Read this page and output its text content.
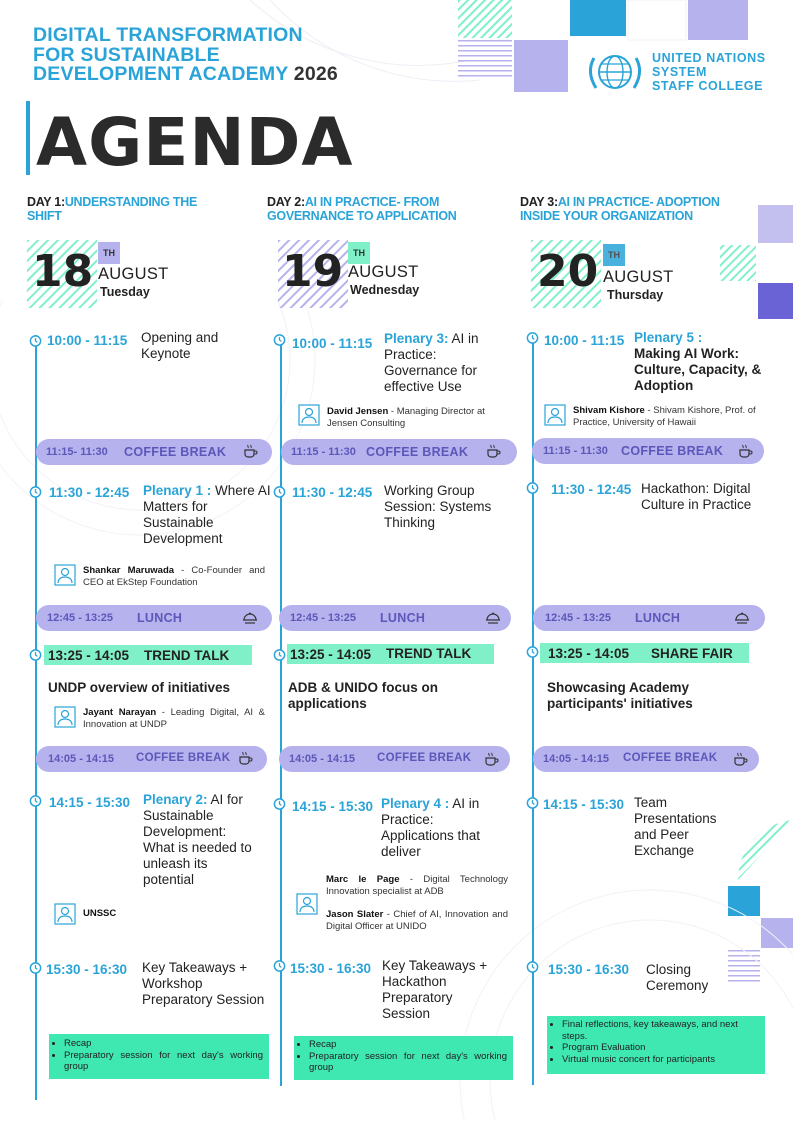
DIGITAL TRANSFORMATION
FOR SUSTAINABLE
DEVELOPMENT ACADEMY 2026
UNITED NATIONS
SYSTEM
STAFF COLLEGE
AGENDA
DAY 1:UNDERSTANDING THE
SHIFT
18	TH
AUGUST
Tuesday
10:00 - 11:15 Opening and Keynote
11:15- 11:30 COFFEE BREAK
11:30 - 12:45 Plenary 1 : Where AI Matters for Sustainable Development
Shankar Maruwada - Co-Founder and CEO at EkStep Foundation
12:45 - 13:25 LUNCH
13:25 - 14:05 TREND TALK
UNDP overview of initiatives
Jayant Narayan - Leading Digital, AI & Innovation at UNDP
14:05 - 14:15 COFFEE BREAK
14:15 - 15:30 Plenary 2: AI for Sustainable Development: What is needed to unleash its potential
UNSSC
15:30 - 16:30 Key Takeaways + Workshop Preparatory Session
• Recap
• Preparatory session for next day's working group
DAY 2:AI IN PRACTICE- FROM
GOVERNANCE TO APPLICATION
19	TH
AUGUST
Wednesday
10:00 - 11:15 Plenary 3: AI in Practice: Governance for effective Use
David Jensen - Managing Director at Jensen Consulting
11:15 - 11:30 COFFEE BREAK
11:30 - 12:45 Working Group Session: Systems Thinking
12:45 - 13:25 LUNCH
13:25 - 14:05 TREND TALK
ADB & UNIDO focus on applications
14:05 - 14:15 COFFEE BREAK
14:15 - 15:30 Plenary 4 : AI in Practice: Applications that deliver
Marc le Page - Digital Technology Innovation specialist at ADB
Jason Slater - Chief of AI, Innovation and Digital Officer at UNIDO
15:30 - 16:30 Key Takeaways + Hackathon Preparatory Session
• Recap
• Preparatory session for next day's working group
DAY 3:AI IN PRACTICE- ADOPTION
INSIDE YOUR ORGANIZATION
20	TH
AUGUST
Thursday
10:00 - 11:15 Plenary 5 :
Making AI Work: Culture, Capacity, & Adoption
Shivam Kishore - Shivam Kishore, Prof. of Practice, University of Hawaii
11:15 - 11:30 COFFEE BREAK
11:30 - 12:45 Hackathon: Digital Culture in Practice
12:45 - 13:25 LUNCH
13:25 - 14:05 SHARE FAIR
Showcasing Academy participants' initiatives
14:05 - 14:15 COFFEE BREAK
14:15 - 15:30 Team Presentations and Peer Exchange
15:30 - 16:30 Closing Ceremony
• Final reflections, key takeaways, and next steps.
• Program Evaluation
• Virtual music concert for participants
